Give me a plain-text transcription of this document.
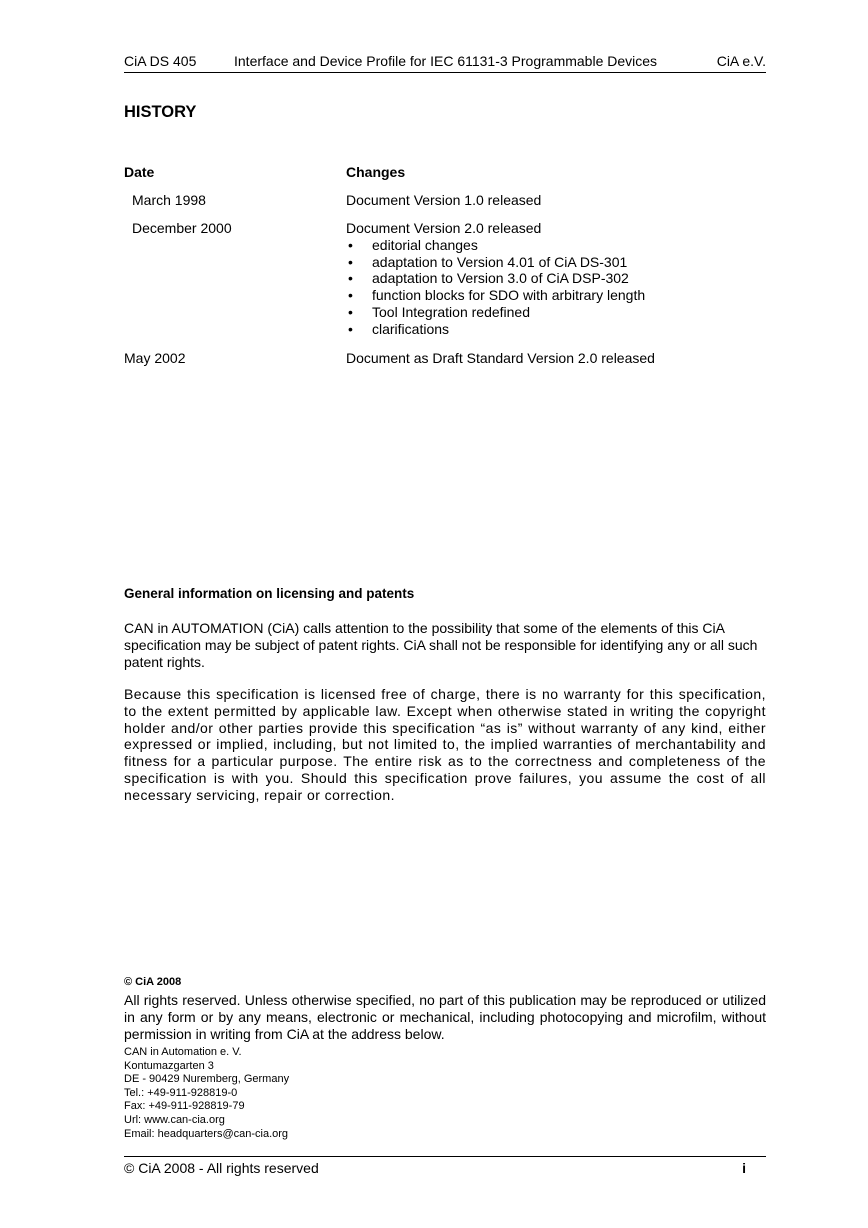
CiA DS 405	Interface and Device Profile for IEC 61131-3 Programmable Devices	CiA e.V.
HISTORY
Date	Changes
March 1998	Document Version 1.0 released
December 2000	Document Version 2.0 released
• editorial changes
• adaptation to Version 4.01 of CiA DS-301
• adaptation to Version 3.0 of CiA DSP-302
• function blocks for SDO with arbitrary length
• Tool Integration redefined
• clarifications
May 2002	Document as Draft Standard Version 2.0 released
General information on licensing and patents
CAN in AUTOMATION (CiA) calls attention to the possibility that some of the elements of this CiA specification may be subject of patent rights. CiA shall not be responsible for identifying any or all such patent rights.
Because this specification is licensed free of charge, there is no warranty for this specification, to the extent permitted by applicable law. Except when otherwise stated in writing the copyright holder and/or other parties provide this specification “as is” without warranty of any kind, either expressed or implied, including, but not limited to, the implied warranties of merchantability and fitness for a particular purpose. The entire risk as to the correctness and completeness of the specification is with you. Should this specification prove failures, you assume the cost of all necessary servicing, repair or correction.
© CiA 2008
All rights reserved. Unless otherwise specified, no part of this publication may be reproduced or utilized in any form or by any means, electronic or mechanical, including photocopying and microfilm, without permission in writing from CiA at the address below.
CAN in Automation e. V.
Kontumazgarten 3
DE - 90429 Nuremberg, Germany
Tel.: +49-911-928819-0
Fax: +49-911-928819-79
Url: www.can-cia.org
Email: headquarters@can-cia.org
© CiA 2008 - All rights reserved	i
